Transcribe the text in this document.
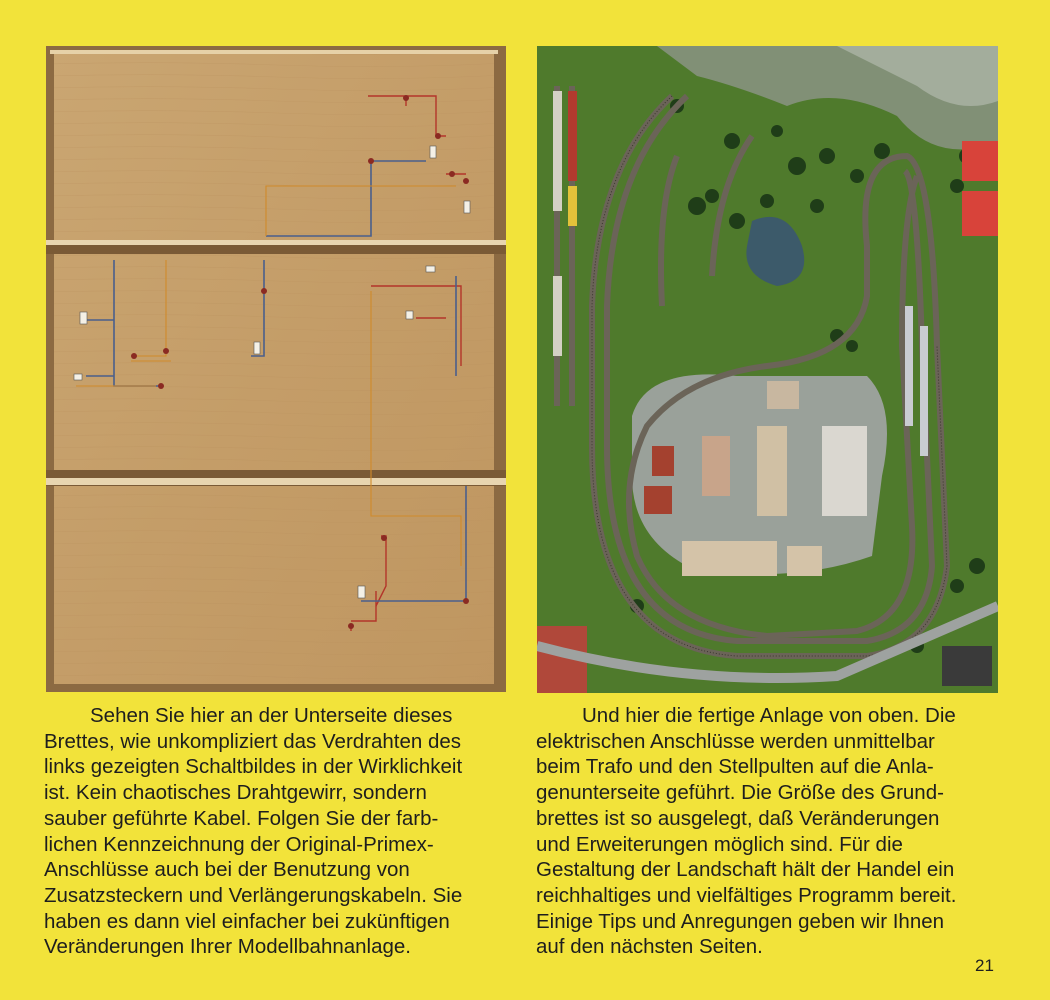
Sehen Sie hier an der Unterseite dieses
Brettes, wie unkompliziert das Verdrahten des
links gezeigten Schaltbildes in der Wirklichkeit
ist. Kein chaotisches Drahtgewirr, sondern
sauber geführte Kabel. Folgen Sie der farb-
lichen Kennzeichnung der Original-Primex-
Anschlüsse auch bei der Benutzung von
Zusatzsteckern und Verlängerungskabeln. Sie
haben es dann viel einfacher bei zukünftigen
Veränderungen Ihrer Modellbahnanlage.

Und hier die fertige Anlage von oben. Die
elektrischen Anschlüsse werden unmittelbar
beim Trafo und den Stellpulten auf die Anla-
genunterseite geführt. Die Größe des Grund-
brettes ist so ausgelegt, daß Veränderungen
und Erweiterungen möglich sind. Für die
Gestaltung der Landschaft hält der Handel ein
reichhaltiges und vielfältiges Programm bereit.
Einige Tips und Anregungen geben wir Ihnen
auf den nächsten Seiten.

21
